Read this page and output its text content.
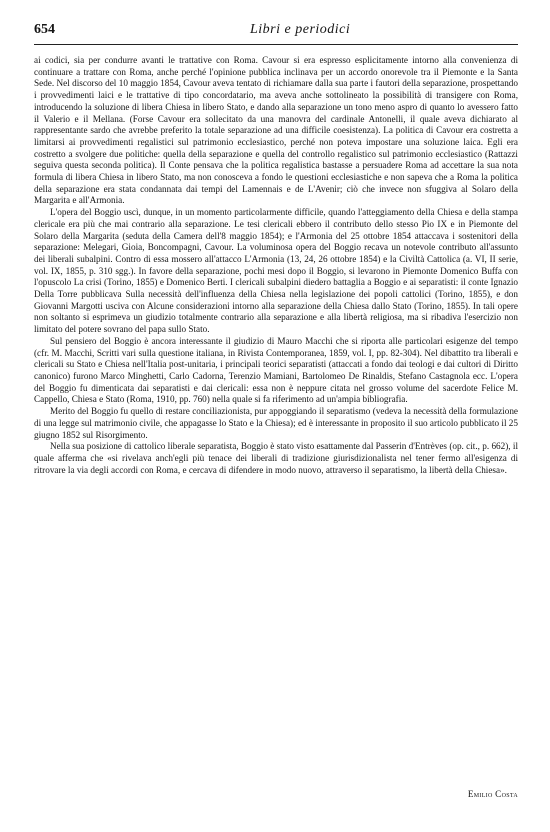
654	Libri e periodici

ai codici, sia per condurre avanti le trattative con Roma. Cavour si era espresso esplicitamente intorno alla convenienza di continuare a trattare con Roma, anche perché l'opinione pubblica inclinava per un accordo onorevole tra il Piemonte e la Santa Sede. Nel discorso del 10 maggio 1854, Cavour aveva tentato di richiamare dalla sua parte i fautori della separazione, prospettando i provvedimenti laici e le trattative di tipo concordatario, ma aveva anche sottolineato la possibilità di transigere con Roma, introducendo la soluzione di libera Chiesa in libero Stato, e dando alla separazione un tono meno aspro di quanto lo avessero fatto il Valerio e il Mellana. (Forse Cavour era sollecitato da una manovra del cardinale Antonelli, il quale aveva dichiarato al rappresentante sardo che avrebbe preferito la totale separazione ad una difficile coesistenza). La politica di Cavour era costretta a limitarsi ai provvedimenti regalistici sul patrimonio ecclesiastico, perché non poteva impostare una soluzione laica. Egli era costretto a svolgere due politiche: quella della separazione e quella del controllo regalistico sul patrimonio ecclesiastico (Rattazzi seguiva questa seconda politica). Il Conte pensava che la politica regalistica bastasse a persuadere Roma ad accettare la sua nota formula di libera Chiesa in libero Stato, ma non conosceva a fondo le questioni ecclesiastiche e non sapeva che a Roma la politica della separazione era stata condannata dai tempi del Lamennais e de L'Avenir; ciò che invece non sfuggiva al Solaro della Margarita e all'Armonia.

L'opera del Boggio uscì, dunque, in un momento particolarmente difficile, quando l'atteggiamento della Chiesa e della stampa clericale era più che mai contrario alla separazione. Le tesi clericali ebbero il contributo dello stesso Pio IX e in Piemonte del Solaro della Margarita (seduta della Camera dell'8 maggio 1854); e l'Armonia del 25 ottobre 1854 attaccava i sostenitori della separazione: Melegari, Gioia, Boncompagni, Cavour. La voluminosa opera del Boggio recava un notevole contributo all'assunto dei liberali subalpini. Contro di essa mossero all'attacco L'Armonia (13, 24, 26 ottobre 1854) e la Civiltà Cattolica (a. VI, II serie, vol. IX, 1855, p. 310 sgg.). In favore della separazione, pochi mesi dopo il Boggio, si levarono in Piemonte Domenico Buffa con l'opuscolo La crisi (Torino, 1855) e Domenico Berti. I clericali subalpini diedero battaglia a Boggio e ai separatisti: il conte Ignazio Della Torre pubblicava Sulla necessità dell'influenza della Chiesa nella legislazione dei popoli cattolici (Torino, 1855), e don Giovanni Margotti usciva con Alcune considerazioni intorno alla separazione della Chiesa dallo Stato (Torino, 1855). In tali opere non soltanto si esprimeva un giudizio totalmente contrario alla separazione e alla libertà religiosa, ma si ribadiva l'esercizio non limitato del potere sovrano del papa sullo Stato.

Sul pensiero del Boggio è ancora interessante il giudizio di Mauro Macchi che si riporta alle particolari esigenze del tempo (cfr. M. Macchi, Scritti vari sulla questione italiana, in Rivista Contemporanea, 1859, vol. I, pp. 82-304). Nel dibattito tra liberali e clericali su Stato e Chiesa nell'Italia post-unitaria, i principali teorici separatisti (attaccati a fondo dai teologi e dai cultori di Diritto canonico) furono Marco Minghetti, Carlo Cadorna, Terenzio Mamiani, Bartolomeo De Rinaldis, Stefano Castagnola ecc. L'opera del Boggio fu dimenticata dai separatisti e dai clericali: essa non è neppure citata nel grosso volume del sacerdote Felice M. Cappello, Chiesa e Stato (Roma, 1910, pp. 760) nella quale si fa riferimento ad un'ampia bibliografia.

Merito del Boggio fu quello di restare conciliazionista, pur appoggiando il separatismo (vedeva la necessità della formulazione di una legge sul matrimonio civile, che appagasse lo Stato e la Chiesa); ed è interessante in proposito il suo articolo pubblicato il 25 giugno 1852 sul Risorgimento.

Nella sua posizione di cattolico liberale separatista, Boggio è stato visto esattamente dal Passerin d'Entrèves (op. cit., p. 662), il quale afferma che «si rivelava anch'egli più tenace dei liberali di tradizione giurisdizionalista nel tener fermo all'esigenza di ritrovare la via degli accordi con Roma, e cercava di difendere in modo nuovo, attraverso il separatismo, la libertà della Chiesa».

Emilio Costa
